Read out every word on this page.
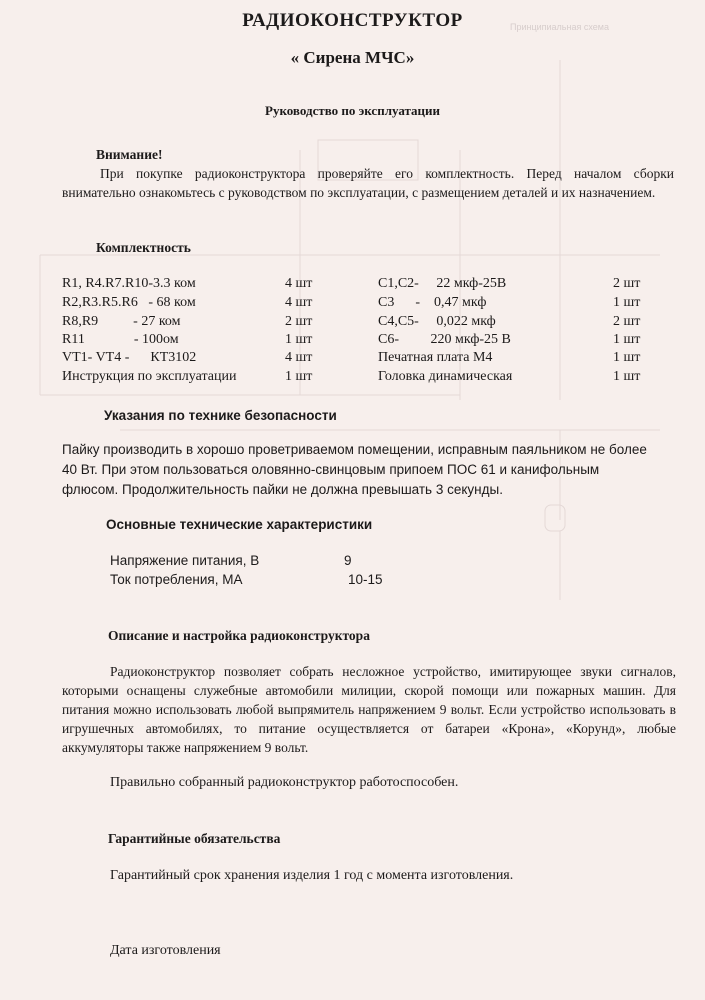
Принципиальная схема
РАДИОКОНСТРУКТОР
« Сирена МЧС»
Руководство по эксплуатации
Внимание!
При покупке радиоконструктора проверяйте его комплектность. Перед началом сборки внимательно ознакомьтесь с руководством по эксплуатации, с размещением деталей и их назначением.
Комплектность
R1, R4.R7.R10-3.3 ком	4 шт
R2,R3.R5.R6   - 68 ком	4 шт
R8,R9          - 27 ком	2 шт
R11              - 100ом	1 шт
VT1- VT4 -      КТ3102	4 шт
Инструкция по эксплуатации	1 шт
С1,С2-     22 мкф-25В	2 шт
С3      -    0,47 мкф	1 шт
С4,С5-     0,022 мкф	2 шт
С6-         220 мкф-25 В	1 шт
Печатная плата М4	1 шт
Головка динамическая	1 шт
Указания по технике безопасности
Пайку производить в хорошо проветриваемом помещении, исправным паяльником не более
40 Вт. При этом пользоваться оловянно-свинцовым припоем ПОС 61 и канифольным
флюсом. Продолжительность пайки не должна превышать 3 секунды.
Основные технические характеристики
Напряжение питания, В	9
Ток потребления, МА	10-15
Описание и настройка радиоконструктора
Радиоконструктор позволяет собрать несложное устройство, имитирующее звуки сигналов, которыми оснащены служебные автомобили милиции, скорой помощи или пожарных машин. Для питания можно использовать любой выпрямитель напряжением 9 вольт. Если устройство использовать в игрушечных автомобилях, то питание осуществляется от батареи «Крона», «Корунд», любые аккумуляторы также напряжением 9 вольт.
Правильно собранный радиоконструктор работоспособен.
Гарантийные обязательства
Гарантийный срок хранения изделия 1 год с момента изготовления.
Дата изготовления
